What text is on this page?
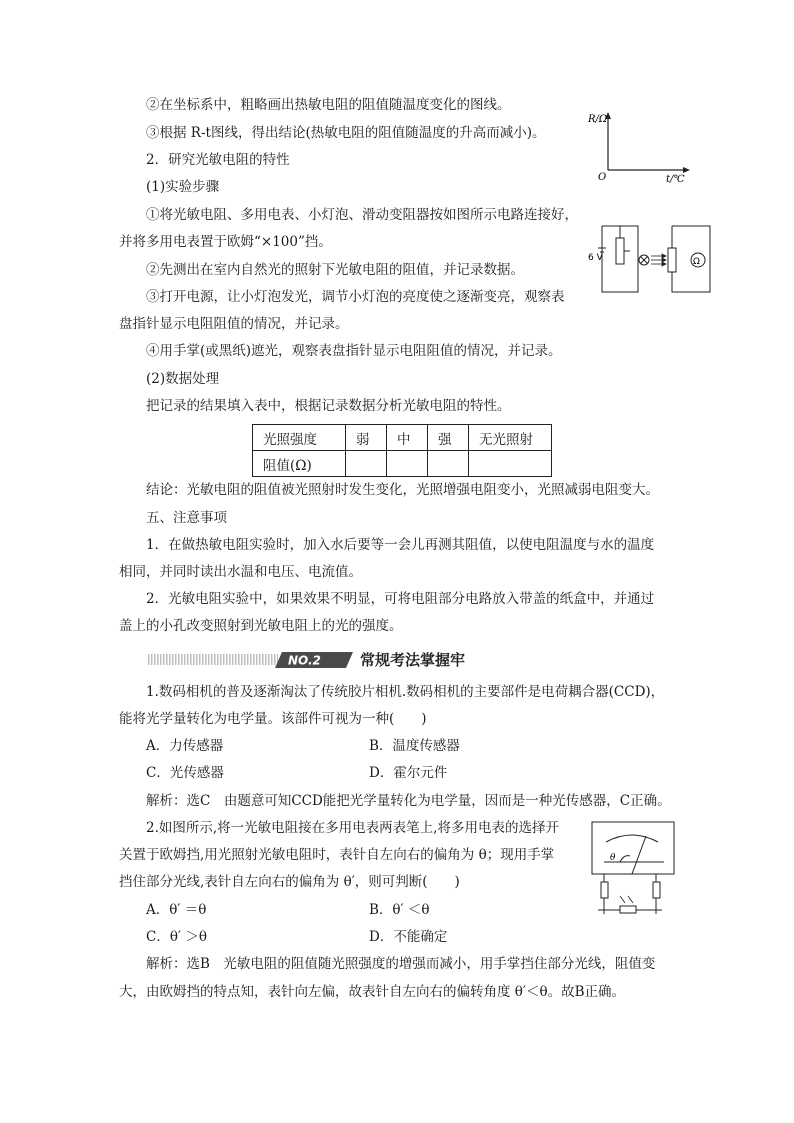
②在坐标系中，粗略画出热敏电阻的阻值随温度变化的图线。
③根据 R-t图线，得出结论(热敏电阻的阻值随温度的升高而减小)。
2．研究光敏电阻的特性
(1)实验步骤
①将光敏电阻、多用电表、小灯泡、滑动变阻器按如图所示电路连接好，
并将多用电表置于欧姆“×100”挡。
②先测出在室内自然光的照射下光敏电阻的阻值，并记录数据。
③打开电源，让小灯泡发光，调节小灯泡的亮度使之逐渐变亮，观察表
盘指针显示电阻阻值的情况，并记录。
④用手掌(或黑纸)遮光，观察表盘指针显示电阻阻值的情况，并记录。
(2)数据处理
把记录的结果填入表中，根据记录数据分析光敏电阻的特性。
光照强度	弱	中	强	无光照射
阻值(Ω)				
结论：光敏电阻的阻值被光照射时发生变化，光照增强电阻变小，光照减弱电阻变大。
五、注意事项
1．在做热敏电阻实验时，加入水后要等一会儿再测其阻值，以使电阻温度与水的温度
相同，并同时读出水温和电压、电流值。
2．光敏电阻实验中，如果效果不明显，可将电阻部分电路放入带盖的纸盒中，并通过
盖上的小孔改变照射到光敏电阻上的光的强度。
NO.2	常规考法掌握牢
1.数码相机的普及逐渐淘汰了传统胶片相机.数码相机的主要部件是电荷耦合器(CCD)，
能将光学量转化为电学量。该部件可视为一种(　　)
A．力传感器	B．温度传感器
C．光传感器	D．霍尔元件
解析：选C　由题意可知CCD能把光学量转化为电学量，因而是一种光传感器，C正确。
2.如图所示,将一光敏电阻接在多用电表两表笔上,将多用电表的选择开
关置于欧姆挡,用光照射光敏电阻时，表针自左向右的偏角为 θ；现用手掌
挡住部分光线,表针自左向右的偏角为 θ′，则可判断(　　)
A．θ′ ＝θ	B．θ′ ＜θ
C．θ′ ＞θ	D．不能确定
解析：选B　光敏电阻的阻值随光照强度的增强而减小，用手掌挡住部分光线，阻值变
大，由欧姆挡的特点知，表针向左偏，故表针自左向右的偏转角度 θ′＜θ。故B正确。
R/Ω
O	t/℃
6 V	Ω
θ
